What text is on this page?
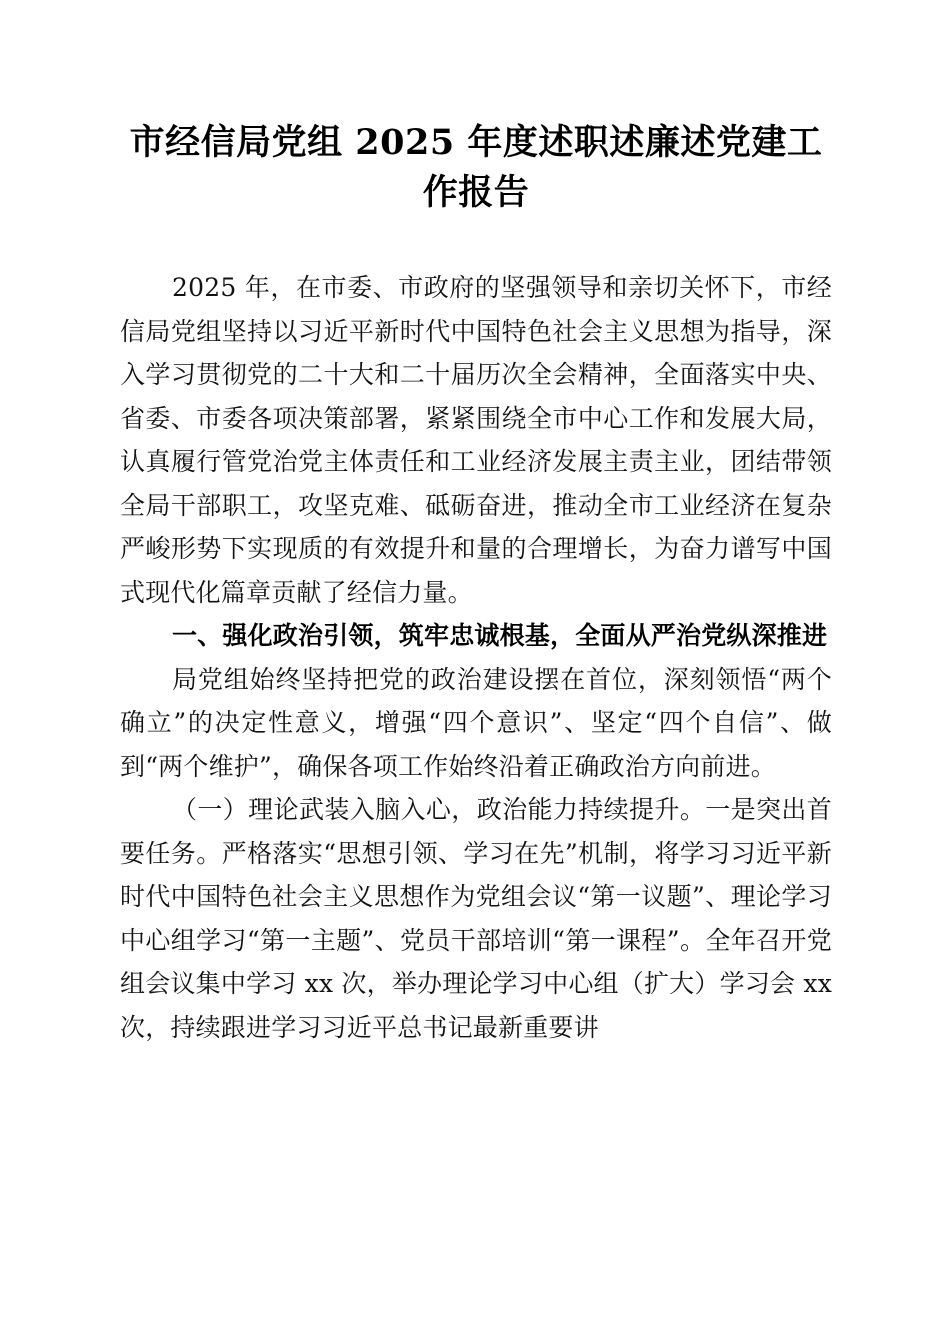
市经信局党组 2025 年度述职述廉述党建工作报告

2025 年，在市委、市政府的坚强领导和亲切关怀下，市经信局党组坚持以习近平新时代中国特色社会主义思想为指导，深入学习贯彻党的二十大和二十届历次全会精神，全面落实中央、省委、市委各项决策部署，紧紧围绕全市中心工作和发展大局，认真履行管党治党主体责任和工业经济发展主责主业，团结带领全局干部职工，攻坚克难、砥砺奋进，推动全市工业经济在复杂严峻形势下实现质的有效提升和量的合理增长，为奋力谱写中国式现代化篇章贡献了经信力量。

一、强化政治引领，筑牢忠诚根基，全面从严治党纵深推进

局党组始终坚持把党的政治建设摆在首位，深刻领悟“两个确立”的决定性意义，增强“四个意识”、坚定“四个自信”、做到“两个维护”，确保各项工作始终沿着正确政治方向前进。

（一）理论武装入脑入心，政治能力持续提升。一是突出首要任务。严格落实“思想引领、学习在先”机制，将学习习近平新时代中国特色社会主义思想作为党组会议“第一议题”、理论学习中心组学习“第一主题”、党员干部培训“第一课程”。全年召开党组会议集中学习 xx 次，举办理论学习中心组（扩大）学习会 xx 次，持续跟进学习习近平总书记最新重要讲
